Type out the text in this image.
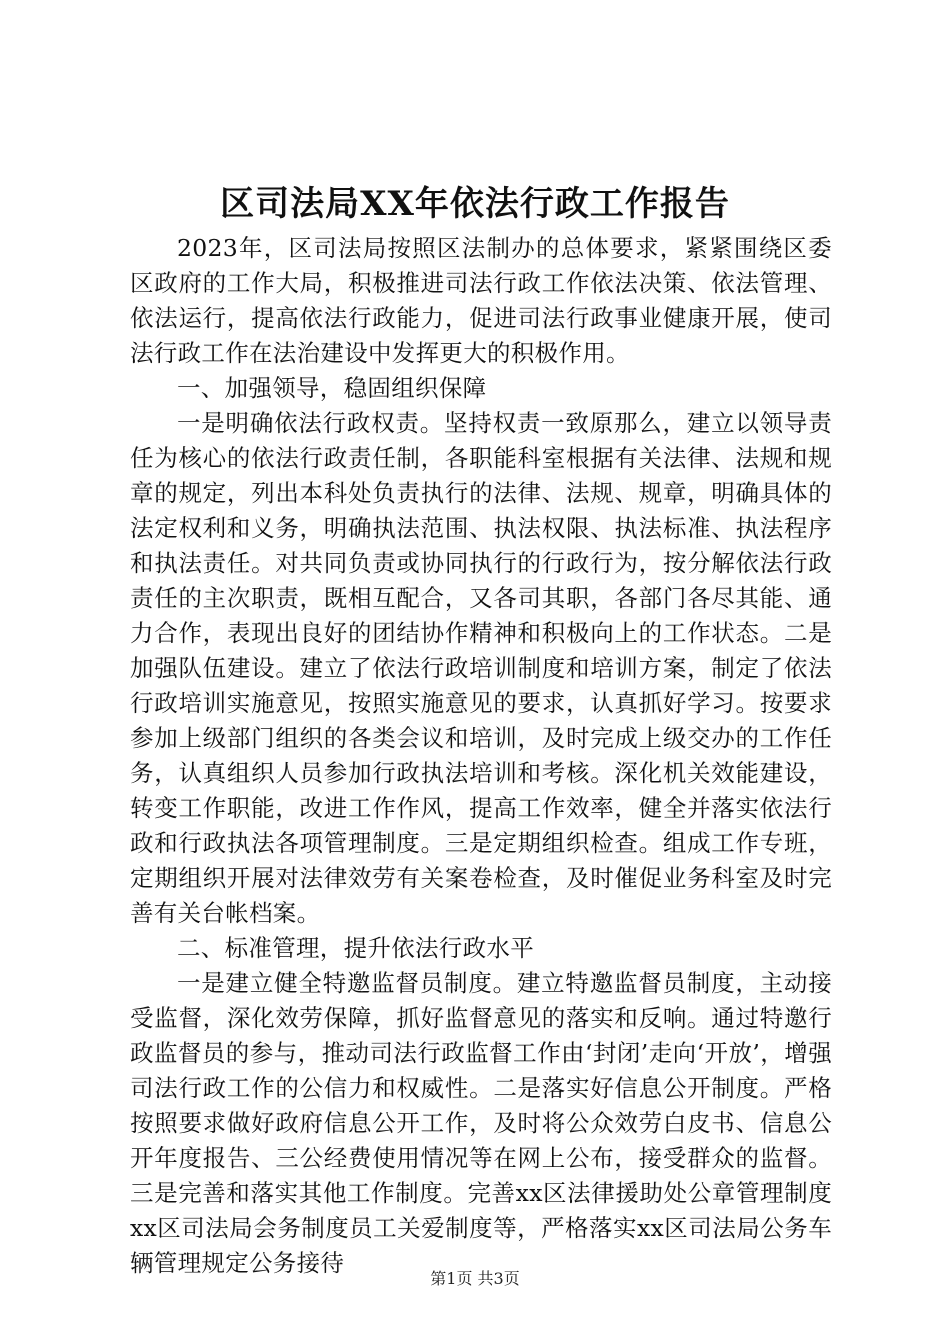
区司法局XX年依法行政工作报告

2023年，区司法局按照区法制办的总体要求，紧紧围绕区委区政府的工作大局，积极推进司法行政工作依法决策、依法管理、依法运行，提高依法行政能力，促进司法行政事业健康开展，使司法行政工作在法治建设中发挥更大的积极作用。

一、加强领导，稳固组织保障

一是明确依法行政权责。坚持权责一致原那么，建立以领导责任为核心的依法行政责任制，各职能科室根据有关法律、法规和规章的规定，列出本科处负责执行的法律、法规、规章，明确具体的法定权利和义务，明确执法范围、执法权限、执法标准、执法程序和执法责任。对共同负责或协同执行的行政行为，按分解依法行政责任的主次职责，既相互配合，又各司其职，各部门各尽其能、通力合作，表现出良好的团结协作精神和积极向上的工作状态。二是加强队伍建设。建立了依法行政培训制度和培训方案，制定了依法行政培训实施意见，按照实施意见的要求，认真抓好学习。按要求参加上级部门组织的各类会议和培训，及时完成上级交办的工作任务，认真组织人员参加行政执法培训和考核。深化机关效能建设，转变工作职能，改进工作作风，提高工作效率，健全并落实依法行政和行政执法各项管理制度。三是定期组织检查。组成工作专班，定期组织开展对法律效劳有关案卷检查，及时催促业务科室及时完善有关台帐档案。

二、标准管理，提升依法行政水平

一是建立健全特邀监督员制度。建立特邀监督员制度，主动接受监督，深化效劳保障，抓好监督意见的落实和反响。通过特邀行政监督员的参与，推动司法行政监督工作由‘封闭’走向‘开放’，增强司法行政工作的公信力和权威性。二是落实好信息公开制度。严格按照要求做好政府信息公开工作，及时将公众效劳白皮书、信息公开年度报告、三公经费使用情况等在网上公布，接受群众的监督。三是完善和落实其他工作制度。完善xx区法律援助处公章管理制度xx区司法局会务制度员工关爱制度等，严格落实xx区司法局公务车辆管理规定公务接待

第1页 共3页
